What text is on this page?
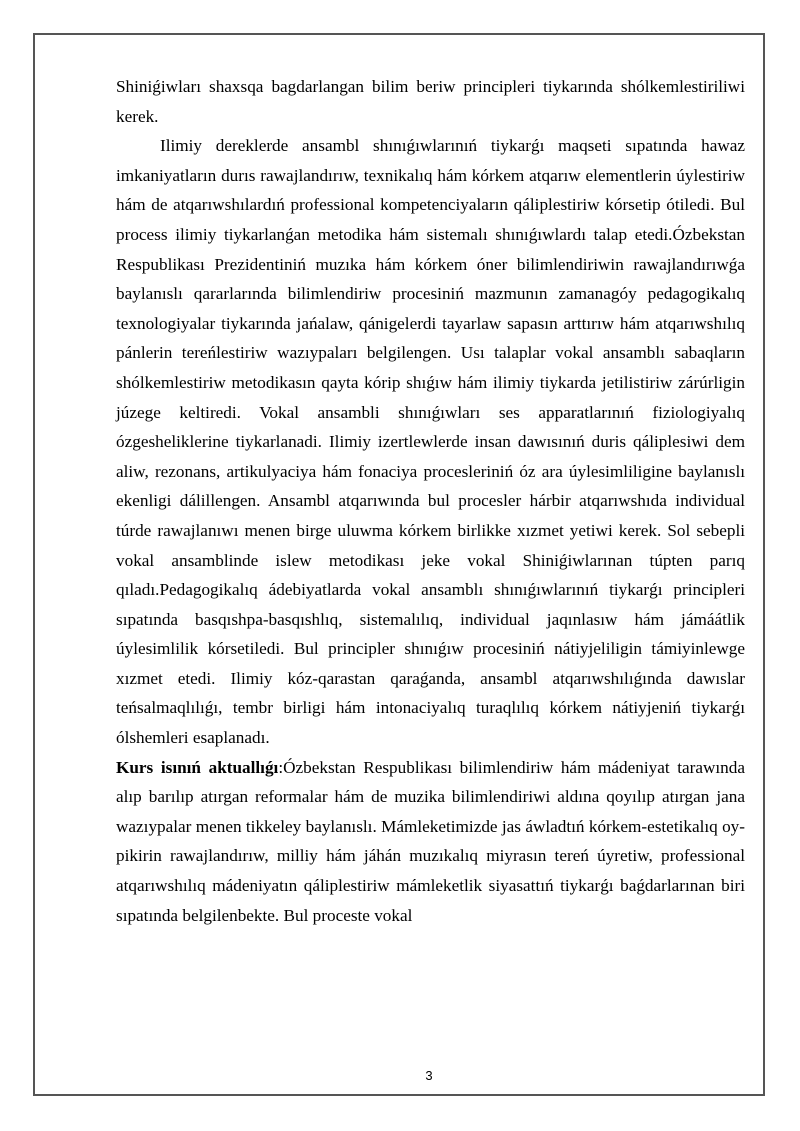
Shiniǵiwları shaxsqa bagdarlangan bilim beriw principleri tiykarında shólkemlestiriliwi kerek.

Ilimiy dereklerde ansambl shınıǵıwlarınıń tiykarǵı maqseti sıpatında hawaz imkaniyatların durıs rawajlandırıw, texnikalıq hám kórkem atqarıw elementlerin úylestiriw hám de atqarıwshılardıń professional kompetenciyaların qáliplestiriw kórsetip ótiledi. Bul process ilimiy tiykarlanǵan metodika hám sistemalı shınıǵıwlardı talap etedi.Ózbekstan Respublikası Prezidentiniń muzıka hám kórkem óner bilimlendiriwin rawajlandırıwǵa baylanıslı qararlarında bilimlendiriw procesiniń mazmunın zamanagóy pedagogikalıq texnologiyalar tiykarında jańalaw, qánigelerdi tayarlaw sapasın arttırıw hám atqarıwshılıq pánlerin tereńlestiriw wazıypaları belgilengen. Usı talaplar vokal ansamblı sabaqların shólkemlestiriw metodikasın qayta kórip shıǵıw hám ilimiy tiykarda jetilistiriw zárúrligin júzege keltiredi. Vokal ansambli shınıǵıwları ses apparatlarınıń fiziologiyalıq ózgesheliklerine tiykarlanadi. Ilimiy izertlewlerde insan dawısınıń duris qáliplesiwi dem aliw, rezonans, artikulyaciya hám fonaciya procesleriniń óz ara úylesimliligine baylanıslı ekenligi dálillengen. Ansambl atqarıwında bul procesler hárbir atqarıwshıda individual túrde rawajlanıwı menen birge uluwma kórkem birlikke xızmet yetiwi kerek. Sol sebepli vokal ansamblinde islew metodikası jeke vokal Shiniǵiwlarınan túpten parıq qıladı.Pedagogikalıq ádebiyatlarda vokal ansamblı shınıǵıwlarınıń tiykarǵı principleri sıpatında basqıshpa-basqıshlıq, sistemalılıq, individual jaqınlasıw hám jámáátlik úylesimlilik kórsetiledi. Bul principler shınıǵıw procesiniń nátiyjeliligin támiyinlewge xızmet etedi. Ilimiy kóz-qarastan qaraǵanda, ansambl atqarıwshılıǵında dawıslar teńsalmaqlılıǵı, tembr birligi hám intonaciyalıq turaqlılıq kórkem nátiyjeniń tiykarǵı ólshemleri esaplanadı.

Kurs isınıń aktuallıǵı:Ózbekstan Respublikası bilimlendiriw hám mádeniyat tarawında alıp barılıp atırgan reformalar hám de muzika bilimlendiriwi aldına qoyılıp atırgan jana wazıypalar menen tikkeley baylanıslı. Mámleketimizde jas áwladtıń kórkem-estetikalıq oy-pikirin rawajlandırıw, milliy hám jáhán muzıkalıq miyrasın tereń úyretiw, professional atqarıwshılıq mádeniyatın qáliplestiriw mámleketlik siyasattıń tiykarǵı baǵdarlarınan biri sıpatında belgilenbekte. Bul proceste vokal

3
